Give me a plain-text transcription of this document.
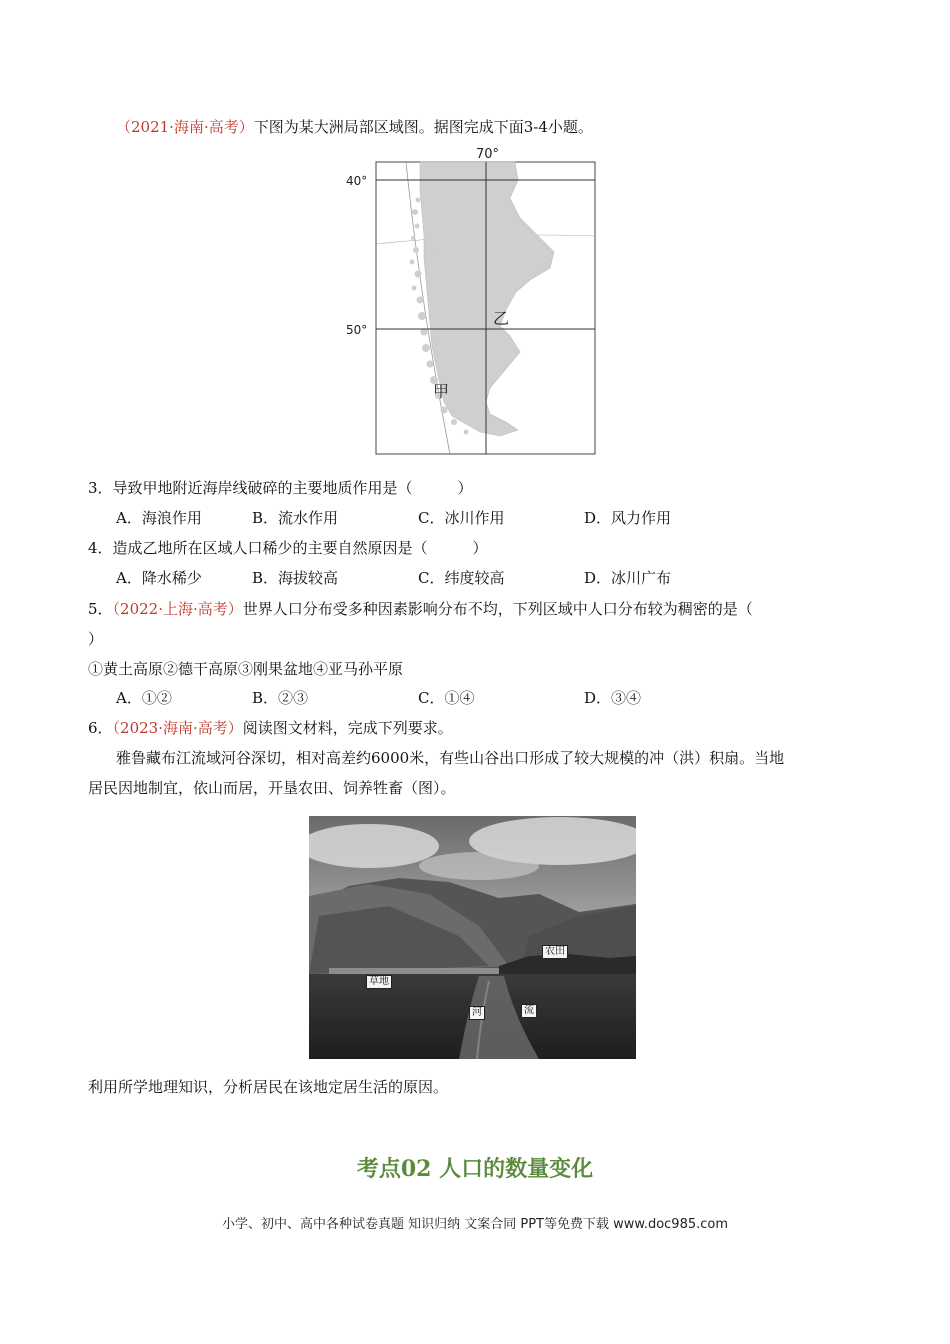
（2021·海南·高考）下图为某大洲局部区域图。据图完成下面3-4小题。
70°
40°
50°
乙
甲
3．导致甲地附近海岸线破碎的主要地质作用是（　　　）
A．海浪作用	B．流水作用	C．冰川作用	D．风力作用
4．造成乙地所在区域人口稀少的主要自然原因是（　　　）
A．降水稀少	B．海拔较高	C．纬度较高	D．冰川广布
5．（2022·上海·高考）世界人口分布受多种因素影响分布不均，下列区域中人口分布较为稠密的是（
）
①黄土高原②德干高原③刚果盆地④亚马孙平原
A．①②	B．②③	C．①④	D．③④
6．（2023·海南·高考）阅读图文材料，完成下列要求。
雅鲁藏布江流域河谷深切，相对高差约6000米，有些山谷出口形成了较大规模的冲（洪）积扇。当地
居民因地制宜，依山而居，开垦农田、饲养牲畜（图）。
农田
草地
河	流
利用所学地理知识，分析居民在该地定居生活的原因。
考点02 人口的数量变化
小学、初中、高中各种试卷真题 知识归纳 文案合同 PPT等免费下载 www.doc985.com
